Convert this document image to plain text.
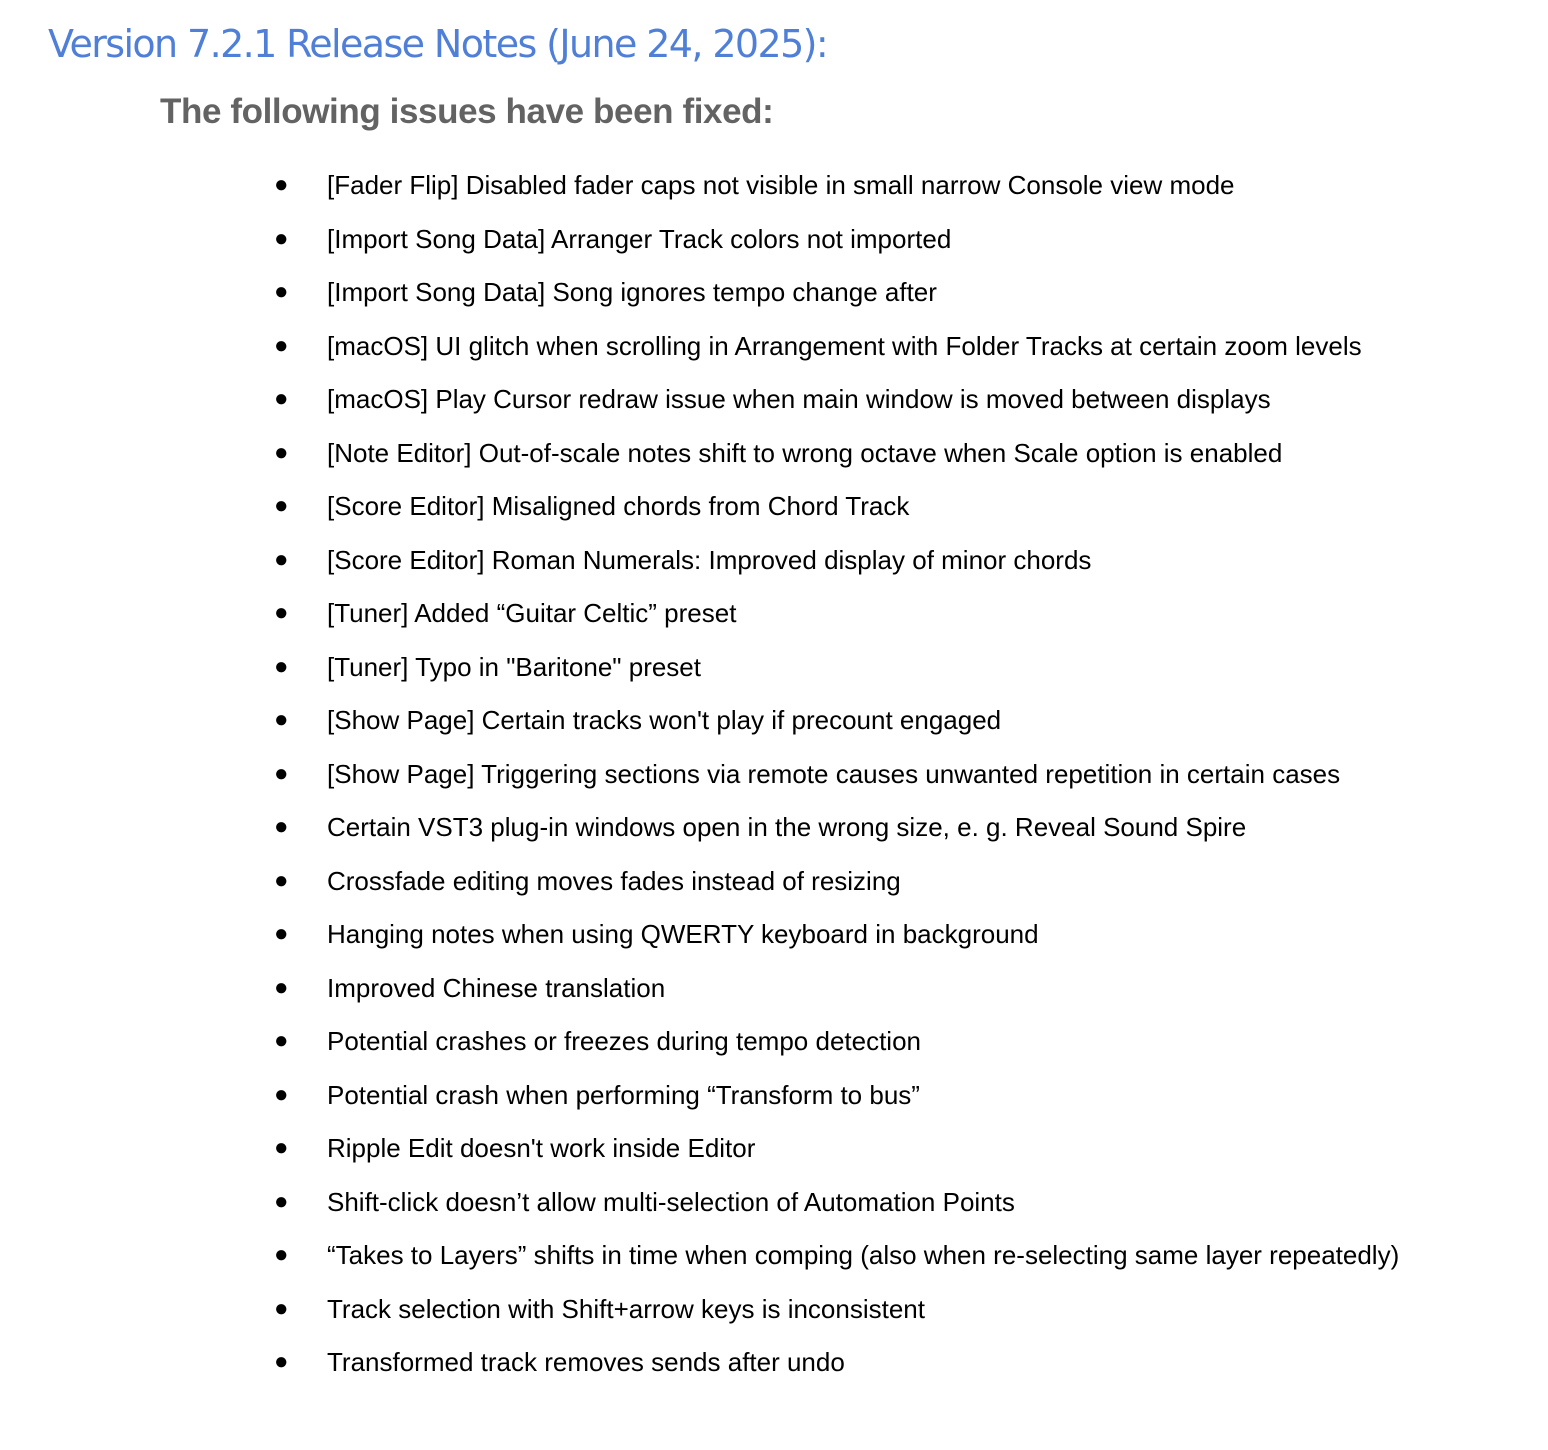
Version 7.2.1 Release Notes (June 24, 2025):
The following issues have been fixed:
● [Fader Flip] Disabled fader caps not visible in small narrow Console view mode
● [Import Song Data] Arranger Track colors not imported
● [Import Song Data] Song ignores tempo change after
● [macOS] UI glitch when scrolling in Arrangement with Folder Tracks at certain zoom levels
● [macOS] Play Cursor redraw issue when main window is moved between displays
● [Note Editor] Out-of-scale notes shift to wrong octave when Scale option is enabled
● [Score Editor] Misaligned chords from Chord Track
● [Score Editor] Roman Numerals: Improved display of minor chords
● [Tuner] Added “Guitar Celtic” preset
● [Tuner] Typo in "Baritone" preset
● [Show Page] Certain tracks won't play if precount engaged
● [Show Page] Triggering sections via remote causes unwanted repetition in certain cases
● Certain VST3 plug-in windows open in the wrong size, e. g. Reveal Sound Spire
● Crossfade editing moves fades instead of resizing
● Hanging notes when using QWERTY keyboard in background
● Improved Chinese translation
● Potential crashes or freezes during tempo detection
● Potential crash when performing “Transform to bus”
● Ripple Edit doesn't work inside Editor
● Shift-click doesn’t allow multi-selection of Automation Points
● “Takes to Layers” shifts in time when comping (also when re-selecting same layer repeatedly)
● Track selection with Shift+arrow keys is inconsistent
● Transformed track removes sends after undo
